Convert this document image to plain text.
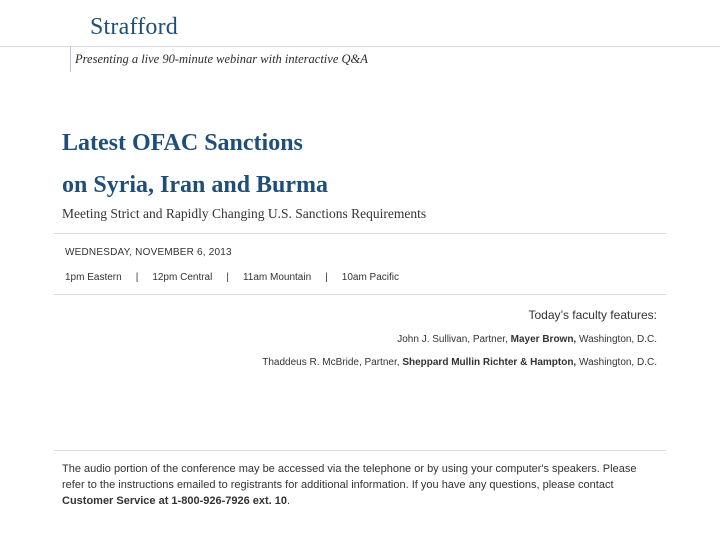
Strafford
Presenting a live 90-minute webinar with interactive Q&A
Latest OFAC Sanctions
on Syria, Iran and Burma
Meeting Strict and Rapidly Changing U.S. Sanctions Requirements
WEDNESDAY, NOVEMBER 6, 2013
1pm Eastern | 12pm Central | 11am Mountain | 10am Pacific
Today’s faculty features:
John J. Sullivan, Partner, Mayer Brown, Washington, D.C.
Thaddeus R. McBride, Partner, Sheppard Mullin Richter & Hampton, Washington, D.C.
The audio portion of the conference may be accessed via the telephone or by using your computer's speakers. Please refer to the instructions emailed to registrants for additional information. If you have any questions, please contact Customer Service at 1-800-926-7926 ext. 10.
